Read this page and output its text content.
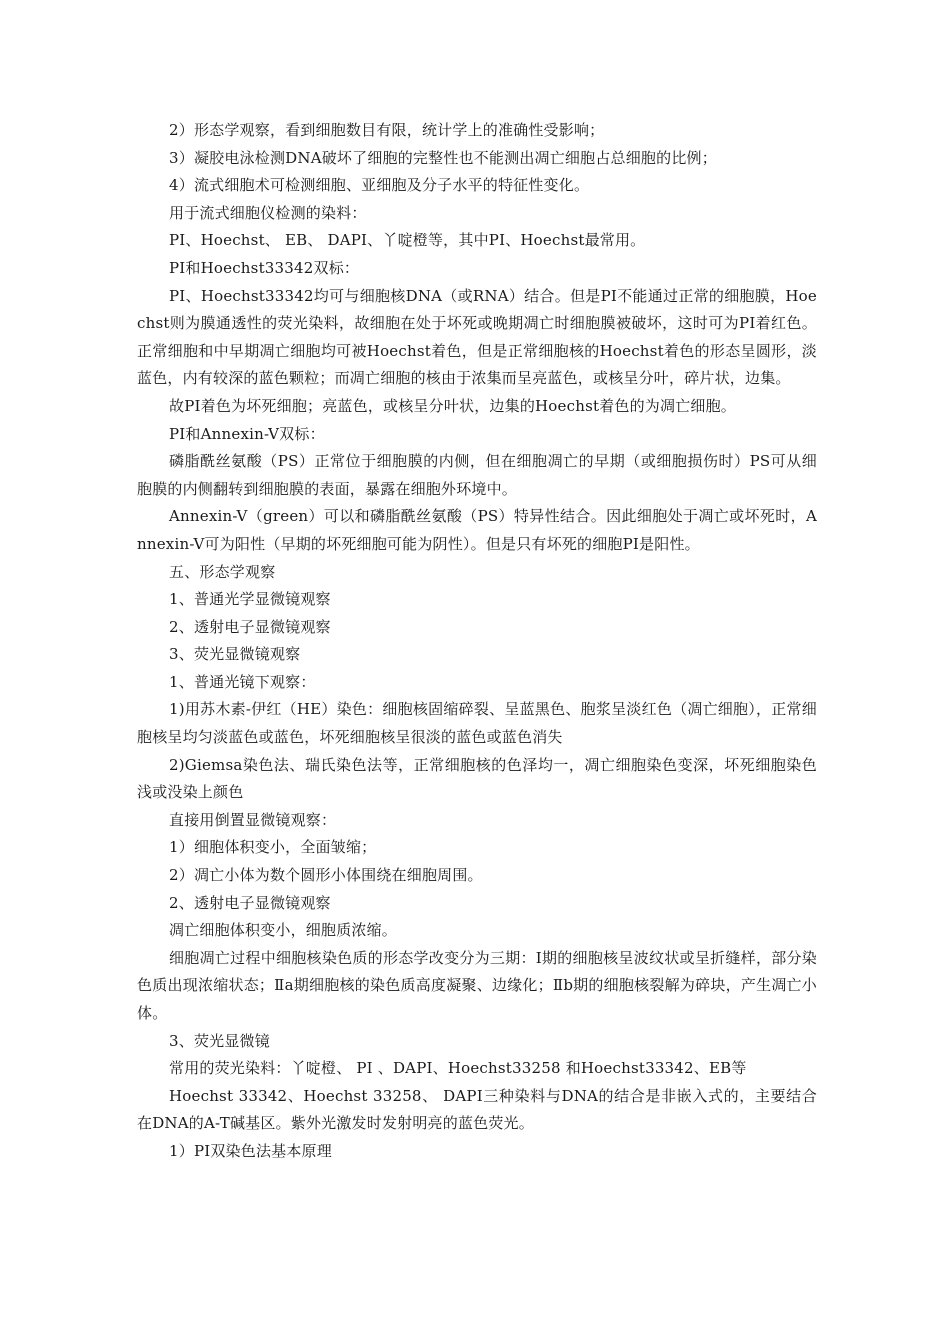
2）形态学观察，看到细胞数目有限，统计学上的准确性受影响；

3）凝胶电泳检测DNA破坏了细胞的完整性也不能测出凋亡细胞占总细胞的比例；

4）流式细胞术可检测细胞、亚细胞及分子水平的特征性变化。

用于流式细胞仪检测的染料：

PI、Hoechst、 EB、 DAPI、丫啶橙等，其中PI、Hoechst最常用。

PI和Hoechst33342双标：

PI、Hoechst33342均可与细胞核DNA（或RNA）结合。但是PI不能通过正常的细胞膜，Hoechst则为膜通透性的荧光染料，故细胞在处于坏死或晚期凋亡时细胞膜被破坏，这时可为PI着红色。正常细胞和中早期凋亡细胞均可被Hoechst着色，但是正常细胞核的Hoechst着色的形态呈圆形，淡蓝色，内有较深的蓝色颗粒；而凋亡细胞的核由于浓集而呈亮蓝色，或核呈分叶，碎片状，边集。

故PI着色为坏死细胞；亮蓝色，或核呈分叶状，边集的Hoechst着色的为凋亡细胞。

PI和Annexin-V双标：

磷脂酰丝氨酸（PS）正常位于细胞膜的内侧，但在细胞凋亡的早期（或细胞损伤时）PS可从细胞膜的内侧翻转到细胞膜的表面，暴露在细胞外环境中。

Annexin-V（green）可以和磷脂酰丝氨酸（PS）特异性结合。因此细胞处于凋亡或坏死时，Annexin-V可为阳性（早期的坏死细胞可能为阴性）。但是只有坏死的细胞PI是阳性。

五、形态学观察

1、普通光学显微镜观察

2、透射电子显微镜观察

3、荧光显微镜观察

1、普通光镜下观察：

1)用苏木素-伊红（HE）染色：细胞核固缩碎裂、呈蓝黑色、胞浆呈淡红色（凋亡细胞），正常细胞核呈均匀淡蓝色或蓝色，坏死细胞核呈很淡的蓝色或蓝色消失

2)Giemsa染色法、瑞氏染色法等，正常细胞核的色泽均一，凋亡细胞染色变深，坏死细胞染色浅或没染上颜色

直接用倒置显微镜观察：

1）细胞体积变小，全面皱缩；

2）凋亡小体为数个圆形小体围绕在细胞周围。

2、透射电子显微镜观察

凋亡细胞体积变小，细胞质浓缩。

细胞凋亡过程中细胞核染色质的形态学改变分为三期：Ⅰ期的细胞核呈波纹状或呈折缝样，部分染色质出现浓缩状态；Ⅱa期细胞核的染色质高度凝聚、边缘化；Ⅱb期的细胞核裂解为碎块，产生凋亡小体。

3、荧光显微镜

常用的荧光染料：丫啶橙、 PI 、DAPI、Hoechst33258 和Hoechst33342、EB等

Hoechst 33342、Hoechst 33258、 DAPI三种染料与DNA的结合是非嵌入式的，主要结合在DNA的A-T碱基区。紫外光激发时发射明亮的蓝色荧光。

1）PI双染色法基本原理
